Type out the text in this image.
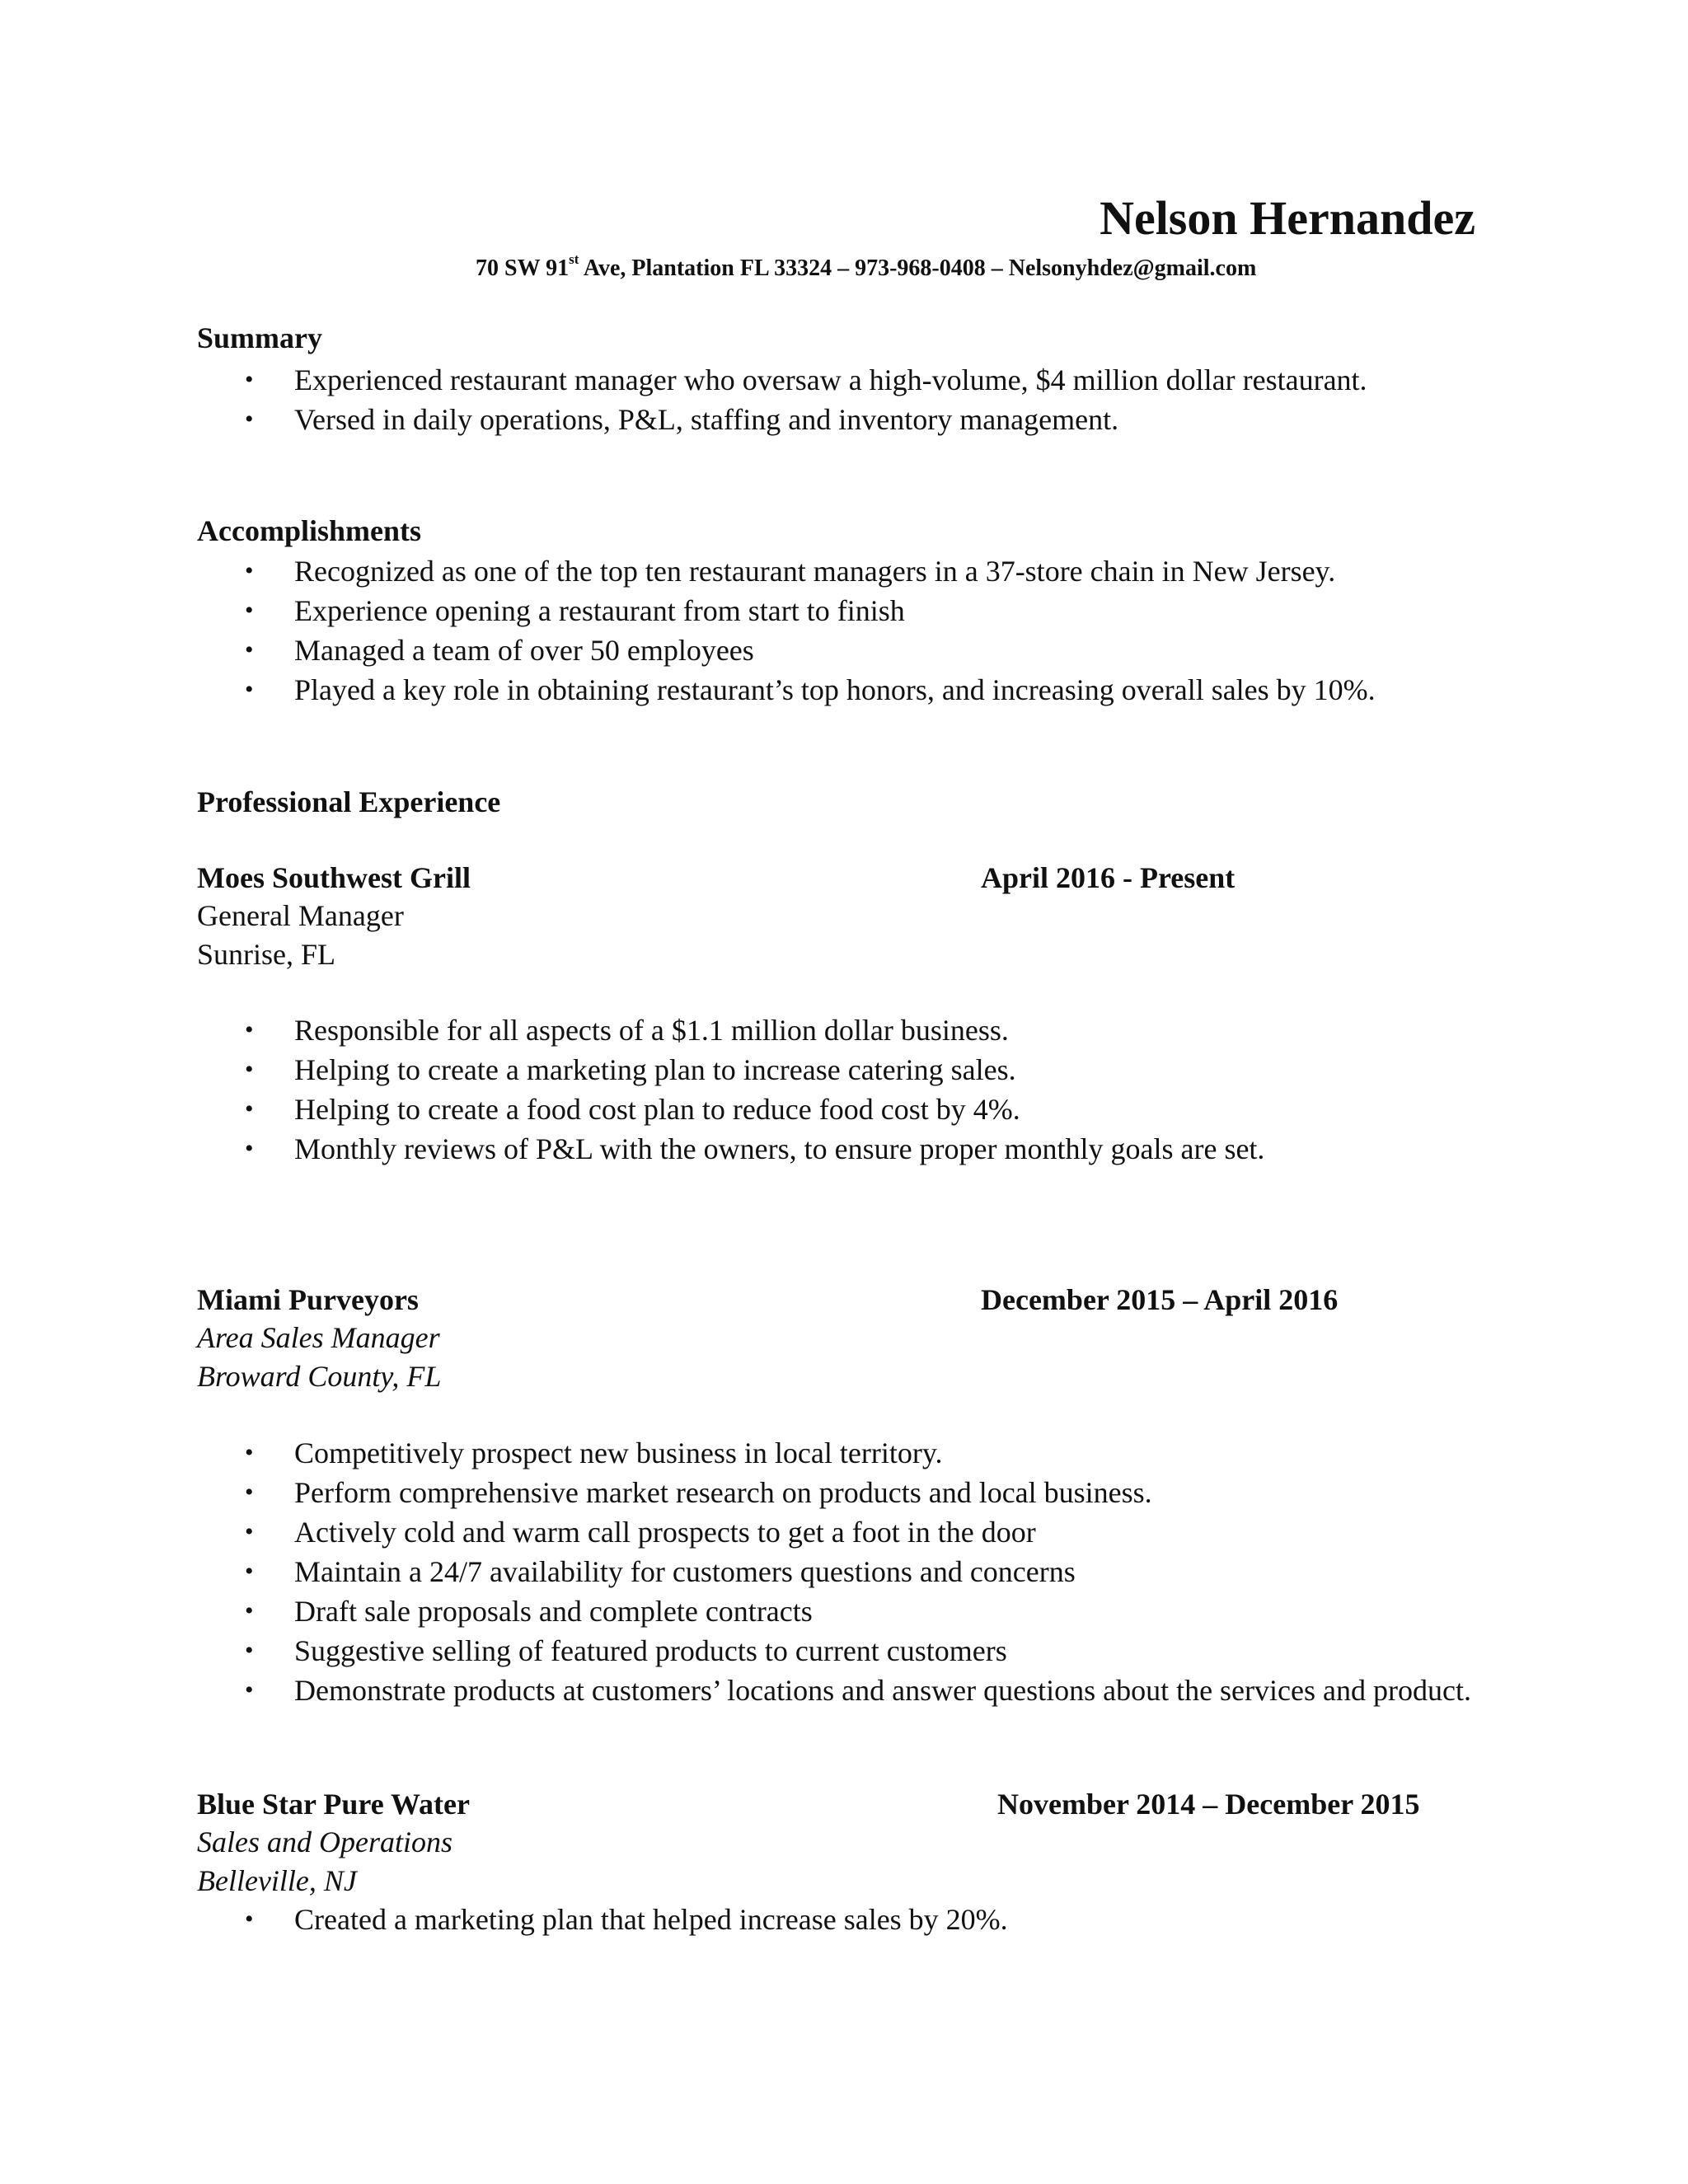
Nelson Hernandez
70 SW 91st Ave, Plantation FL 33324 – 973-968-0408 – Nelsonyhdez@gmail.com
Summary
• Experienced restaurant manager who oversaw a high-volume, $4 million dollar restaurant.
• Versed in daily operations, P&L, staffing and inventory management.
Accomplishments
• Recognized as one of the top ten restaurant managers in a 37-store chain in New Jersey.
• Experience opening a restaurant from start to finish
• Managed a team of over 50 employees
• Played a key role in obtaining restaurant’s top honors, and increasing overall sales by 10%.
Professional Experience
Moes Southwest Grill	April 2016 - Present
General Manager
Sunrise, FL
• Responsible for all aspects of a $1.1 million dollar business.
• Helping to create a marketing plan to increase catering sales.
• Helping to create a food cost plan to reduce food cost by 4%.
• Monthly reviews of P&L with the owners, to ensure proper monthly goals are set.
Miami Purveyors	December 2015 – April 2016
Area Sales Manager
Broward County, FL
• Competitively prospect new business in local territory.
• Perform comprehensive market research on products and local business.
• Actively cold and warm call prospects to get a foot in the door
• Maintain a 24/7 availability for customers questions and concerns
• Draft sale proposals and complete contracts
• Suggestive selling of featured products to current customers
• Demonstrate products at customers’ locations and answer questions about the services and product.
Blue Star Pure Water	November 2014 – December 2015
Sales and Operations
Belleville, NJ
• Created a marketing plan that helped increase sales by 20%.
